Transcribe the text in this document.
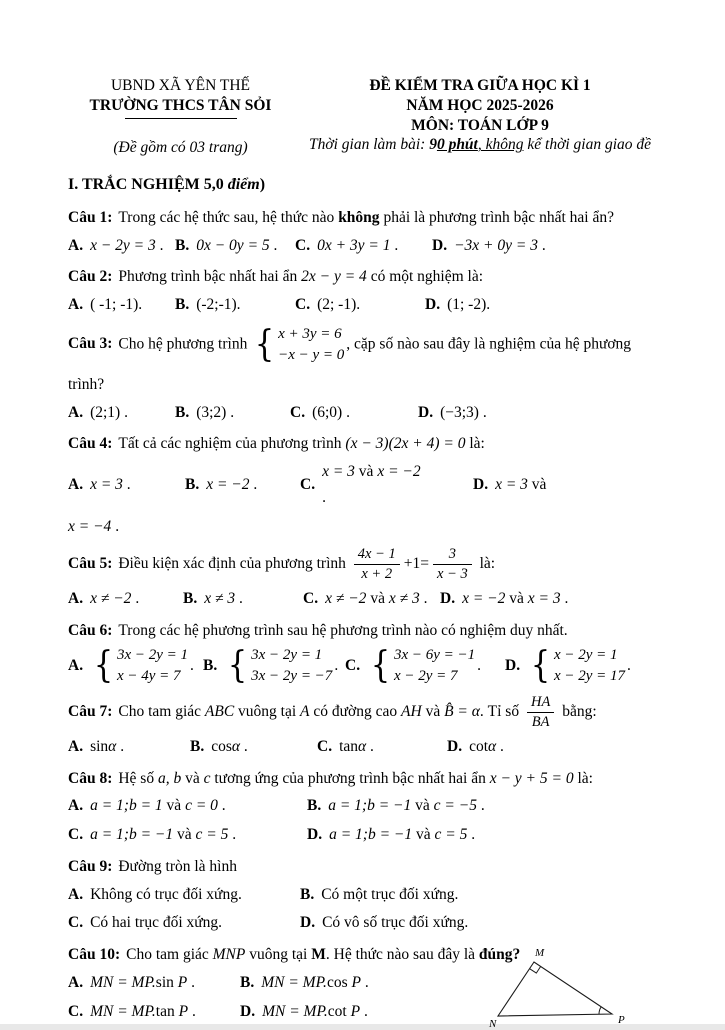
UBND XÃ YÊN THẾ
TRƯỜNG THCS TÂN SỎI
(Đề gồm có 03 trang)
ĐỀ KIỂM TRA GIỮA HỌC KÌ 1
NĂM HỌC 2025-2026
MÔN: TOÁN LỚP 9
Thời gian làm bài: 90 phút, không kể thời gian giao đề
I. TRẮC NGHIỆM 5,0 điểm)
Câu 1: Trong các hệ thức sau, hệ thức nào không phải là phương trình bậc nhất hai ẩn?
A. x − 2y = 3 . B. 0x − 0y = 5 . C. 0x + 3y = 1 . D. −3x + 0y = 3 .
Câu 2: Phương trình bậc nhất hai ẩn 2x − y = 4 có một nghiệm là:
A. ( -1; -1). B. (-2;-1).	C. (2; -1).	D. (1; -2).
Câu 3: Cho hệ phương trình { x + 3y = 6
−x − y = 0
, cặp số nào sau đây là nghiệm của hệ phương
trình?
A. (2;1) .	B. (3;2) .	C. (6;0) .	D. (−3;3) .
Câu 4: Tất cả các nghiệm của phương trình (x − 3)(2x + 4) = 0 là:
A. x = 3 .	B. x = −2 .	C.
x = 3 và x = −2             .
D. x = 3 và
x = −4 .
Câu 5: Điều kiện xác định của phương trình $\frac{4x - 1}{x + 2} +1= \frac{3}{x - 3}$ là:
A. x ≠ −2 .	B. x ≠ 3 .	C. x ≠ −2 và x ≠ 3 . D. x = −2 và x = 3 .
Câu 6: Trong các hệ phương trình sau hệ phương trình nào có nghiệm duy nhất.
A. { 3x − 2y = 1
x − 4y = 7
. B. { 3x − 2y = 1
3x − 2y = −7
. C. { 3x − 6y = −1
x − 2y = 7
. D. { x − 2y = 1
x − 2y = 17
.
Câu 7: Cho tam giác ABC vuông tại A có đường cao AH và B̂ = α. Tỉ số $\frac{HA}{BA}$ bằng:
A. sinα .	B. cosα .	C. tanα .	D. cotα .
Câu 8: Hệ số a, b và c tương ứng của phương trình bậc nhất hai ẩn x − y + 5 = 0 là:
A. a = 1;b = 1 và c = 0 .	B. a = 1;b = −1 và c = −5 .
C. a = 1;b = −1 và c = 5 .	D. a = 1;b = −1 và c = 5 .
Câu 9: Đường tròn là hình
A. Không có trục đối xứng.	B. Có một trục đối xứng.
C. Có hai trục đối xứng.	D. Có vô số trục đối xứng.
Câu 10: Cho tam giác MNP vuông tại M. Hệ thức nào sau đây là đúng?
A. MN = MP.sin P .	B. MN = MP.cos P .
C. MN = MP.tan P .	D. MN = MP.cot P .
M
N	P
